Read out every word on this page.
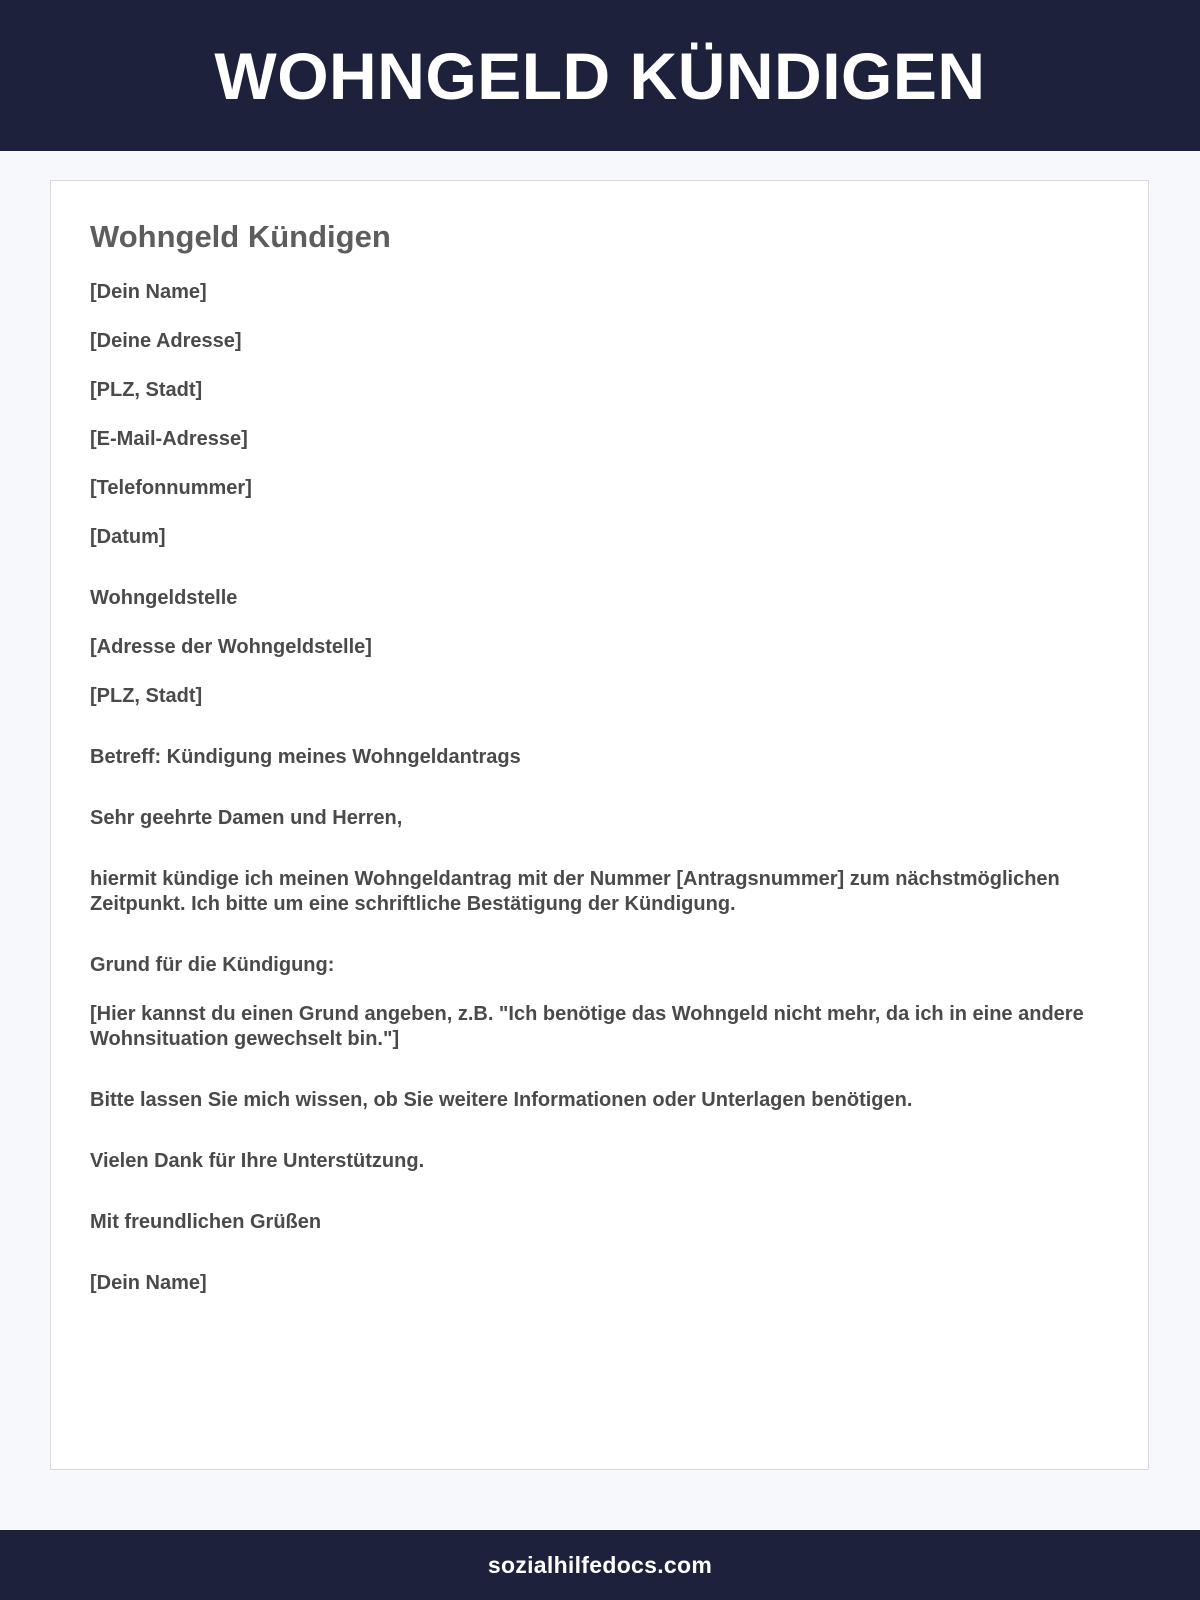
WOHNGELD KÜNDIGEN
Wohngeld Kündigen

[Dein Name]

[Deine Adresse]

[PLZ, Stadt]

[E-Mail-Adresse]

[Telefonnummer]

[Datum]

Wohngeldstelle

[Adresse der Wohngeldstelle]

[PLZ, Stadt]

Betreff: Kündigung meines Wohngeldantrags

Sehr geehrte Damen und Herren,

hiermit kündige ich meinen Wohngeldantrag mit der Nummer [Antragsnummer] zum nächstmöglichen Zeitpunkt. Ich bitte um eine schriftliche Bestätigung der Kündigung.

Grund für die Kündigung:

[Hier kannst du einen Grund angeben, z.B. "Ich benötige das Wohngeld nicht mehr, da ich in eine andere Wohnsituation gewechselt bin."]

Bitte lassen Sie mich wissen, ob Sie weitere Informationen oder Unterlagen benötigen.

Vielen Dank für Ihre Unterstützung.

Mit freundlichen Grüßen

[Dein Name]

sozialhilfedocs.com
